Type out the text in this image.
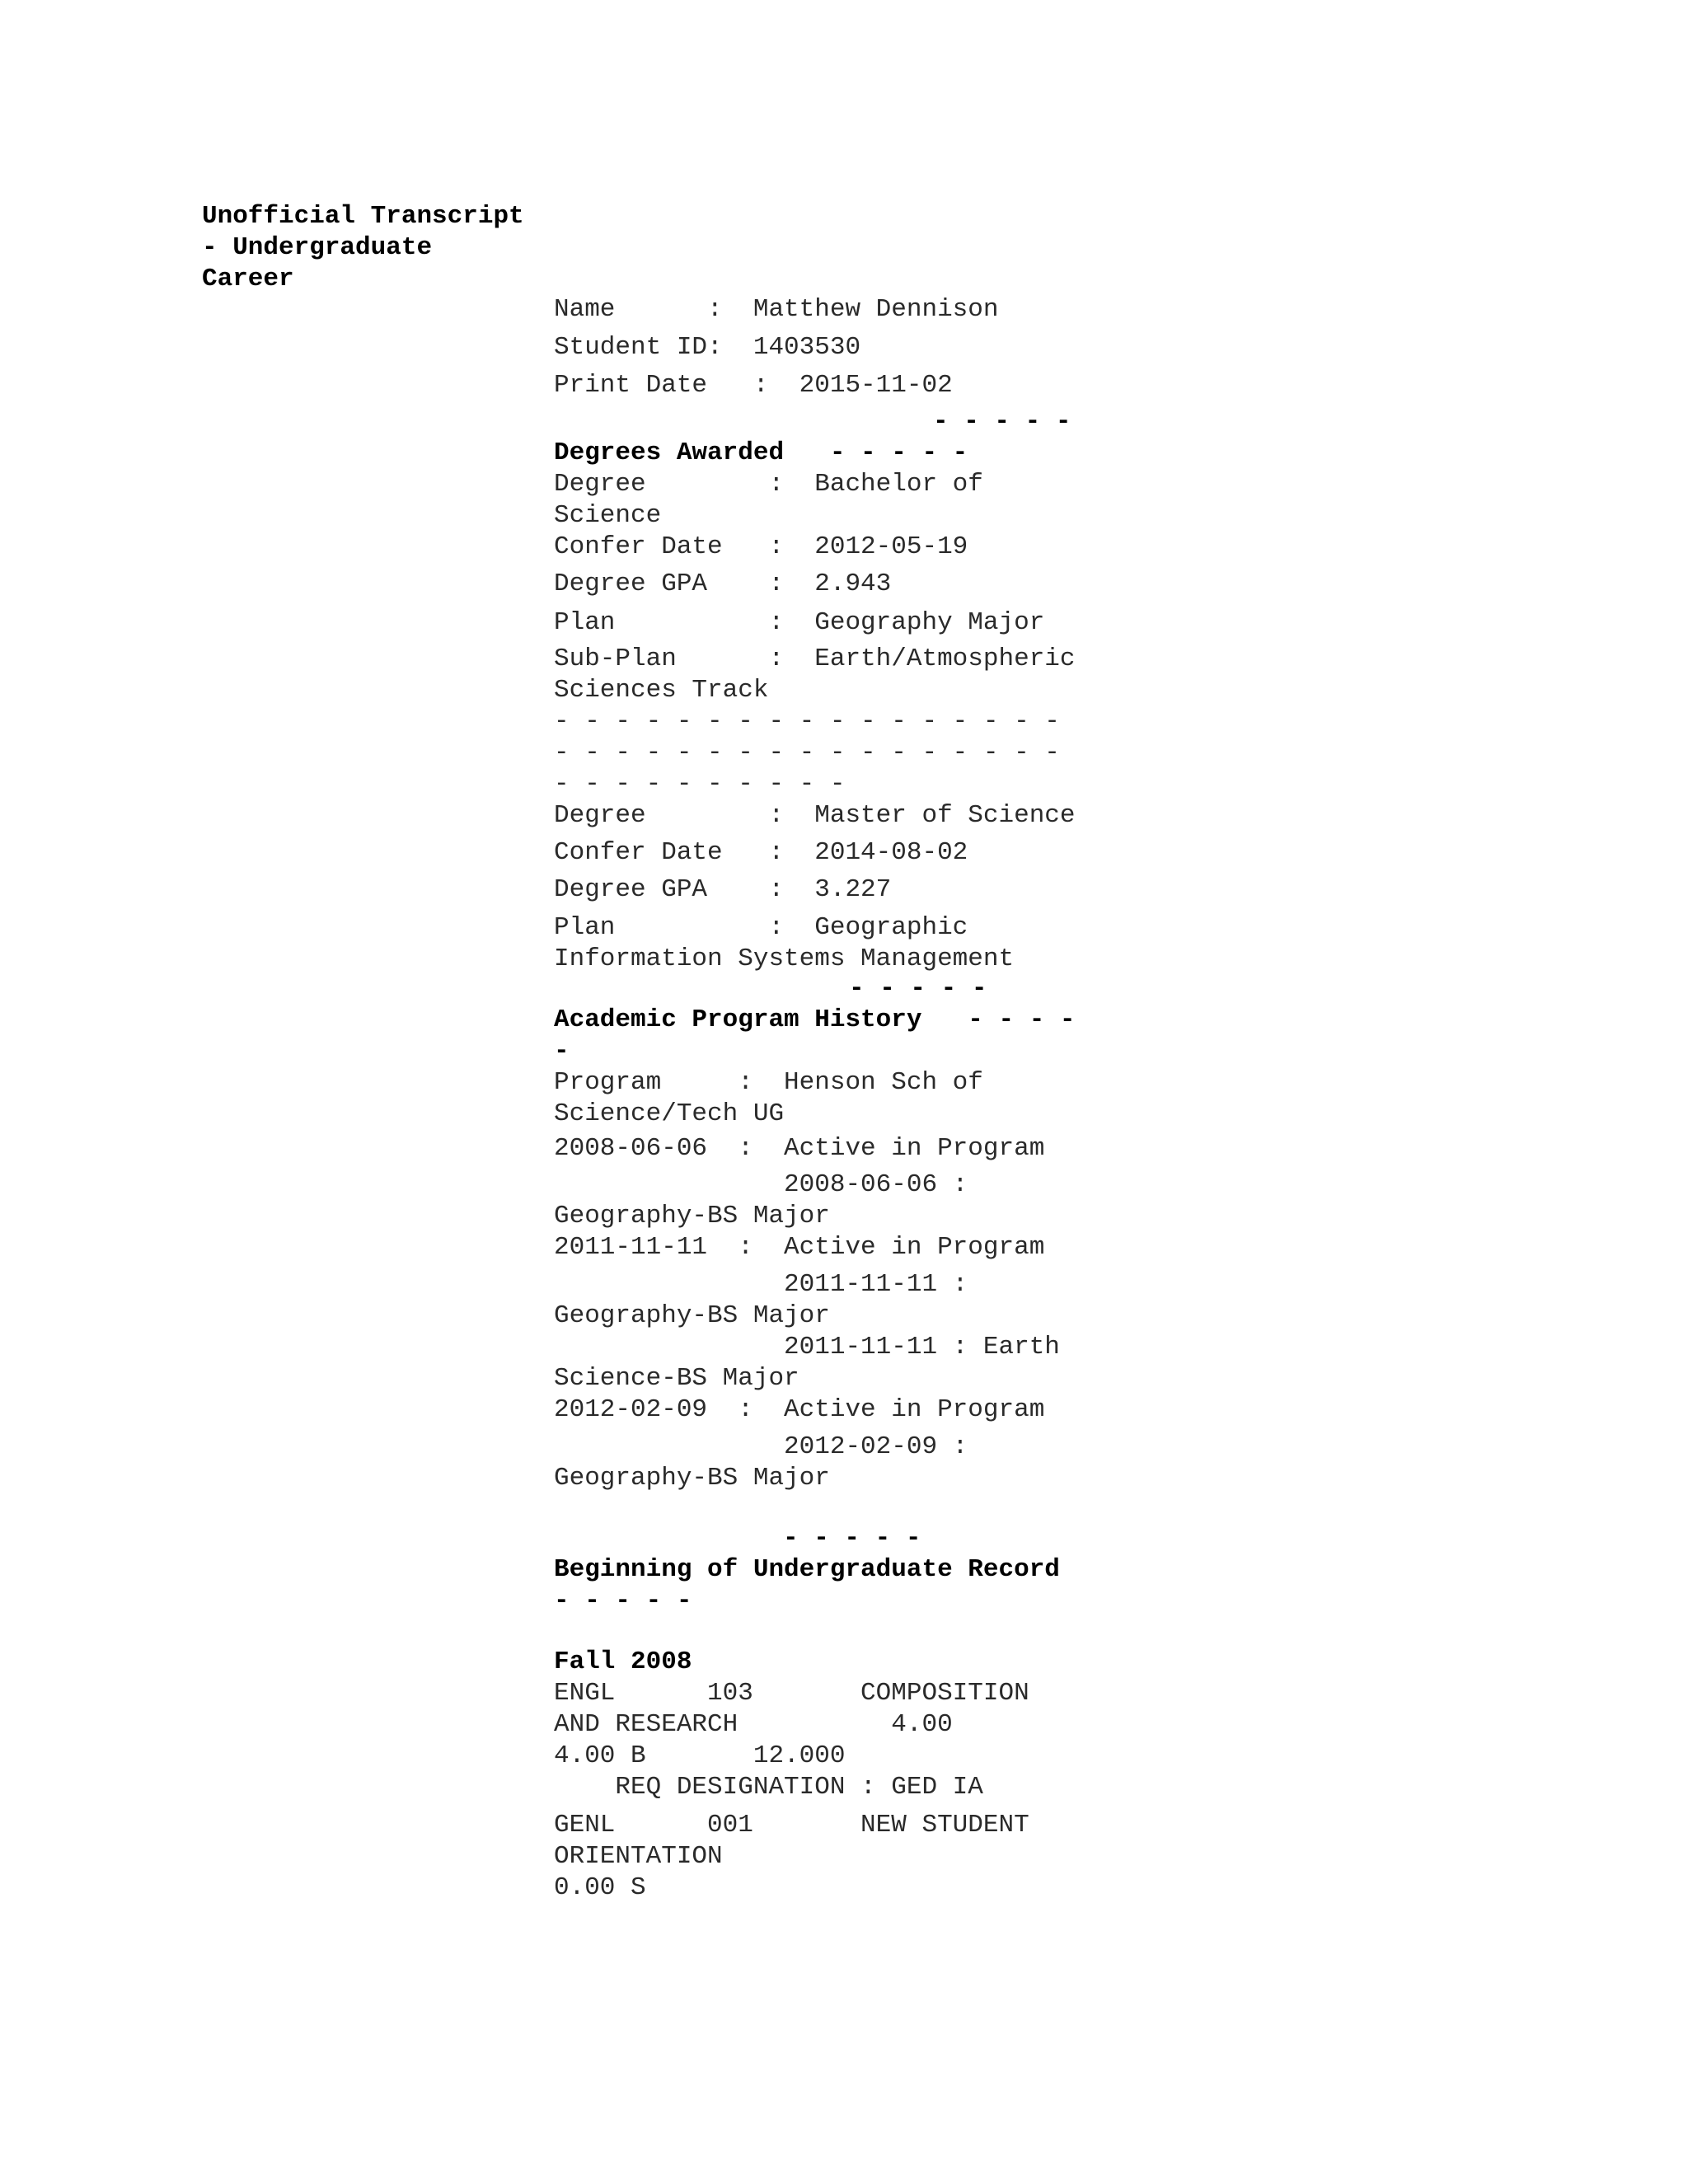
Unofficial Transcript

- Undergraduate

Career

Name      :  Matthew Dennison

Student ID:  1403530

Print Date   :  2015-11-02

- - - - -

Degrees Awarded   - - - - -

Degree        :  Bachelor of

Science

Confer Date   :  2012-05-19

Degree GPA    :  2.943

Plan          :  Geography Major

Sub-Plan      :  Earth/Atmospheric

Sciences Track

- - - - - - - - - - - - - - - - -

- - - - - - - - - - - - - - - - -

- - - - - - - - - -

Degree        :  Master of Science

Confer Date   :  2014-08-02

Degree GPA    :  3.227

Plan          :  Geographic

Information Systems Management

- - - - -

Academic Program History   - - - -

-

Program     :  Henson Sch of

Science/Tech UG

2008-06-06  :  Active in Program

2008-06-06 :

Geography-BS Major

2011-11-11  :  Active in Program

2011-11-11 :

Geography-BS Major

2011-11-11 : Earth

Science-BS Major

2012-02-09  :  Active in Program

2012-02-09 :

Geography-BS Major

- - - - -

Beginning of Undergraduate Record

- - - - -

Fall 2008

ENGL      103       COMPOSITION

AND RESEARCH          4.00

4.00 B       12.000

REQ DESIGNATION : GED IA

GENL      001       NEW STUDENT

ORIENTATION

0.00 S
